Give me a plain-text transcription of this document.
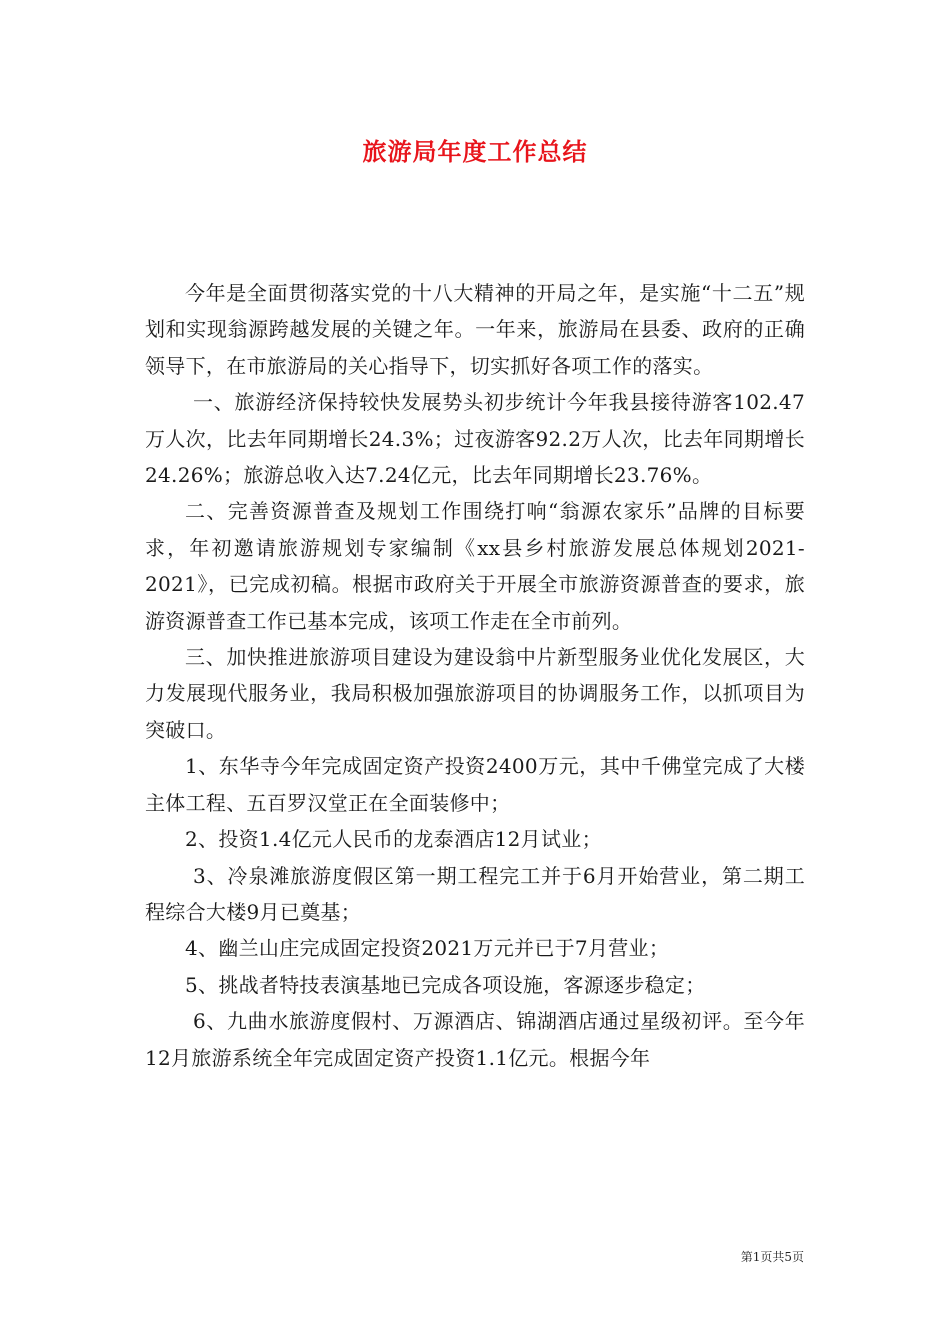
旅游局年度工作总结

今年是全面贯彻落实党的十八大精神的开局之年，是实施“十二五”规划和实现翁源跨越发展的关键之年。一年来，旅游局在县委、政府的正确领导下，在市旅游局的关心指导下，切实抓好各项工作的落实。

一、旅游经济保持较快发展势头初步统计今年我县接待游客102.47万人次，比去年同期增长24.3%；过夜游客92.2万人次，比去年同期增长24.26%；旅游总收入达7.24亿元，比去年同期增长23.76%。

二、完善资源普查及规划工作围绕打响“翁源农家乐”品牌的目标要求，年初邀请旅游规划专家编制《xx县乡村旅游发展总体规划2021-2021》，已完成初稿。根据市政府关于开展全市旅游资源普查的要求，旅游资源普查工作已基本完成，该项工作走在全市前列。

三、加快推进旅游项目建设为建设翁中片新型服务业优化发展区，大力发展现代服务业，我局积极加强旅游项目的协调服务工作，以抓项目为突破口。

1、东华寺今年完成固定资产投资2400万元，其中千佛堂完成了大楼主体工程、五百罗汉堂正在全面装修中；

2、投资1.4亿元人民币的龙泰酒店12月试业；

3、冷泉滩旅游度假区第一期工程完工并于6月开始营业，第二期工程综合大楼9月已奠基；

4、幽兰山庄完成固定投资2021万元并已于7月营业；

5、挑战者特技表演基地已完成各项设施，客源逐步稳定；

6、九曲水旅游度假村、万源酒店、锦湖酒店通过星级初评。至今年12月旅游系统全年完成固定资产投资1.1亿元。根据今年

第1页共5页
